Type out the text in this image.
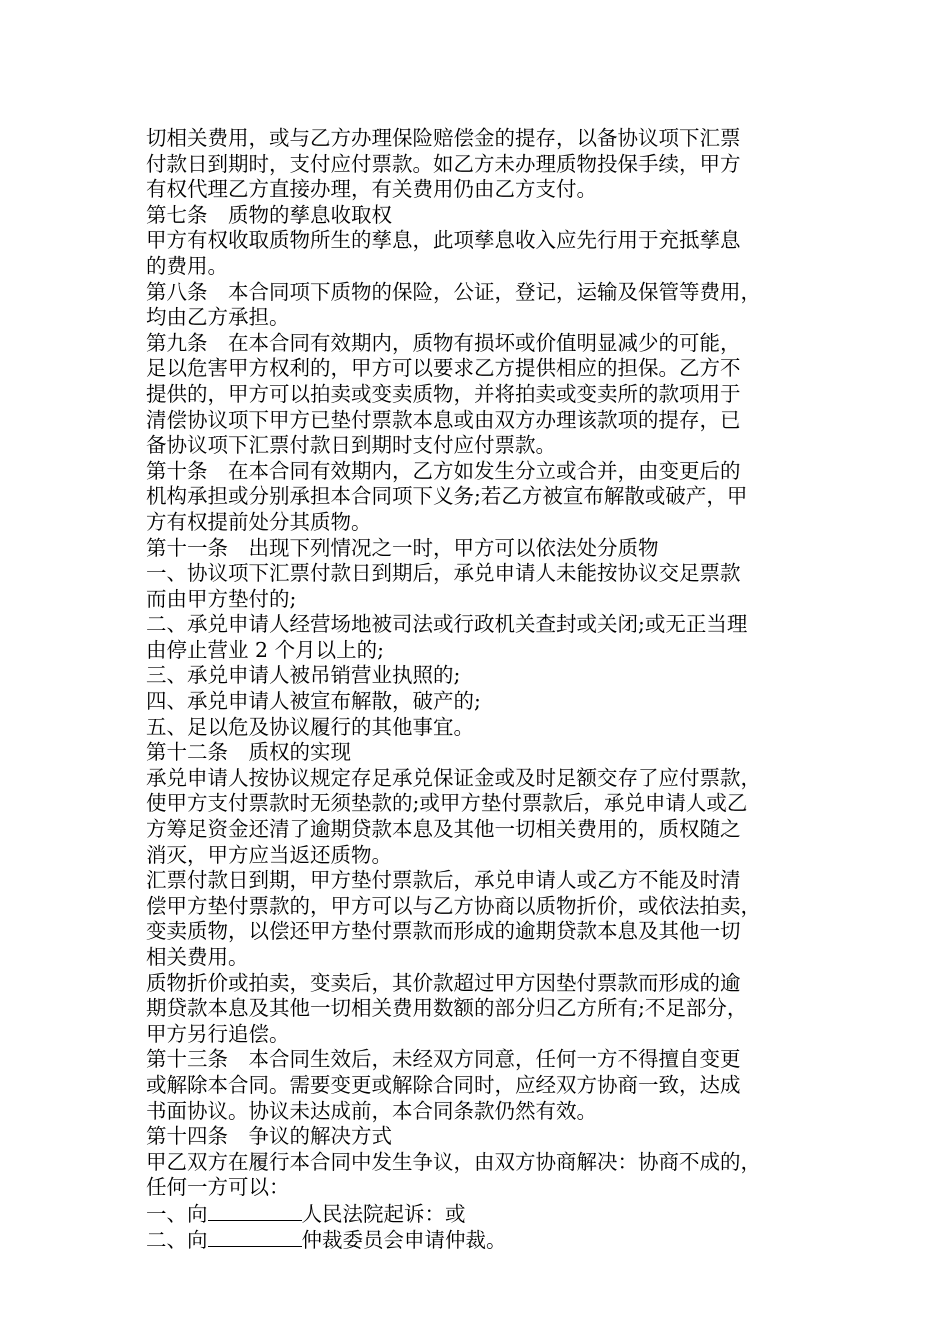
切相关费用，或与乙方办理保险赔偿金的提存，以备协议项下汇票
付款日到期时，支付应付票款。如乙方未办理质物投保手续，甲方
有权代理乙方直接办理，有关费用仍由乙方支付。
第七条　质物的孳息收取权
甲方有权收取质物所生的孳息，此项孳息收入应先行用于充抵孳息
的费用。
第八条　本合同项下质物的保险，公证，登记，运输及保管等费用，
均由乙方承担。
第九条　在本合同有效期内，质物有损坏或价值明显减少的可能，
足以危害甲方权利的，甲方可以要求乙方提供相应的担保。乙方不
提供的，甲方可以拍卖或变卖质物，并将拍卖或变卖所的款项用于
清偿协议项下甲方已垫付票款本息或由双方办理该款项的提存，已
备协议项下汇票付款日到期时支付应付票款。
第十条　在本合同有效期内，乙方如发生分立或合并，由变更后的
机构承担或分别承担本合同项下义务;若乙方被宣布解散或破产，甲
方有权提前处分其质物。
第十一条　出现下列情况之一时，甲方可以依法处分质物
一、协议项下汇票付款日到期后，承兑申请人未能按协议交足票款
而由甲方垫付的;
二、承兑申请人经营场地被司法或行政机关查封或关闭;或无正当理
由停止营业 2 个月以上的;
三、承兑申请人被吊销营业执照的;
四、承兑申请人被宣布解散，破产的;
五、足以危及协议履行的其他事宜。
第十二条　质权的实现
承兑申请人按协议规定存足承兑保证金或及时足额交存了应付票款，
使甲方支付票款时无须垫款的;或甲方垫付票款后，承兑申请人或乙
方筹足资金还清了逾期贷款本息及其他一切相关费用的，质权随之
消灭，甲方应当返还质物。
汇票付款日到期，甲方垫付票款后，承兑申请人或乙方不能及时清
偿甲方垫付票款的，甲方可以与乙方协商以质物折价，或依法拍卖，
变卖质物，以偿还甲方垫付票款而形成的逾期贷款本息及其他一切
相关费用。
质物折价或拍卖，变卖后，其价款超过甲方因垫付票款而形成的逾
期贷款本息及其他一切相关费用数额的部分归乙方所有;不足部分，
甲方另行追偿。
第十三条　本合同生效后，未经双方同意，任何一方不得擅自变更
或解除本合同。需要变更或解除合同时，应经双方协商一致，达成
书面协议。协议未达成前，本合同条款仍然有效。
第十四条　争议的解决方式
甲乙双方在履行本合同中发生争议，由双方协商解决：协商不成的，
任何一方可以：
一、向	人民法院起诉：或
二、向	仲裁委员会申请仲裁。
